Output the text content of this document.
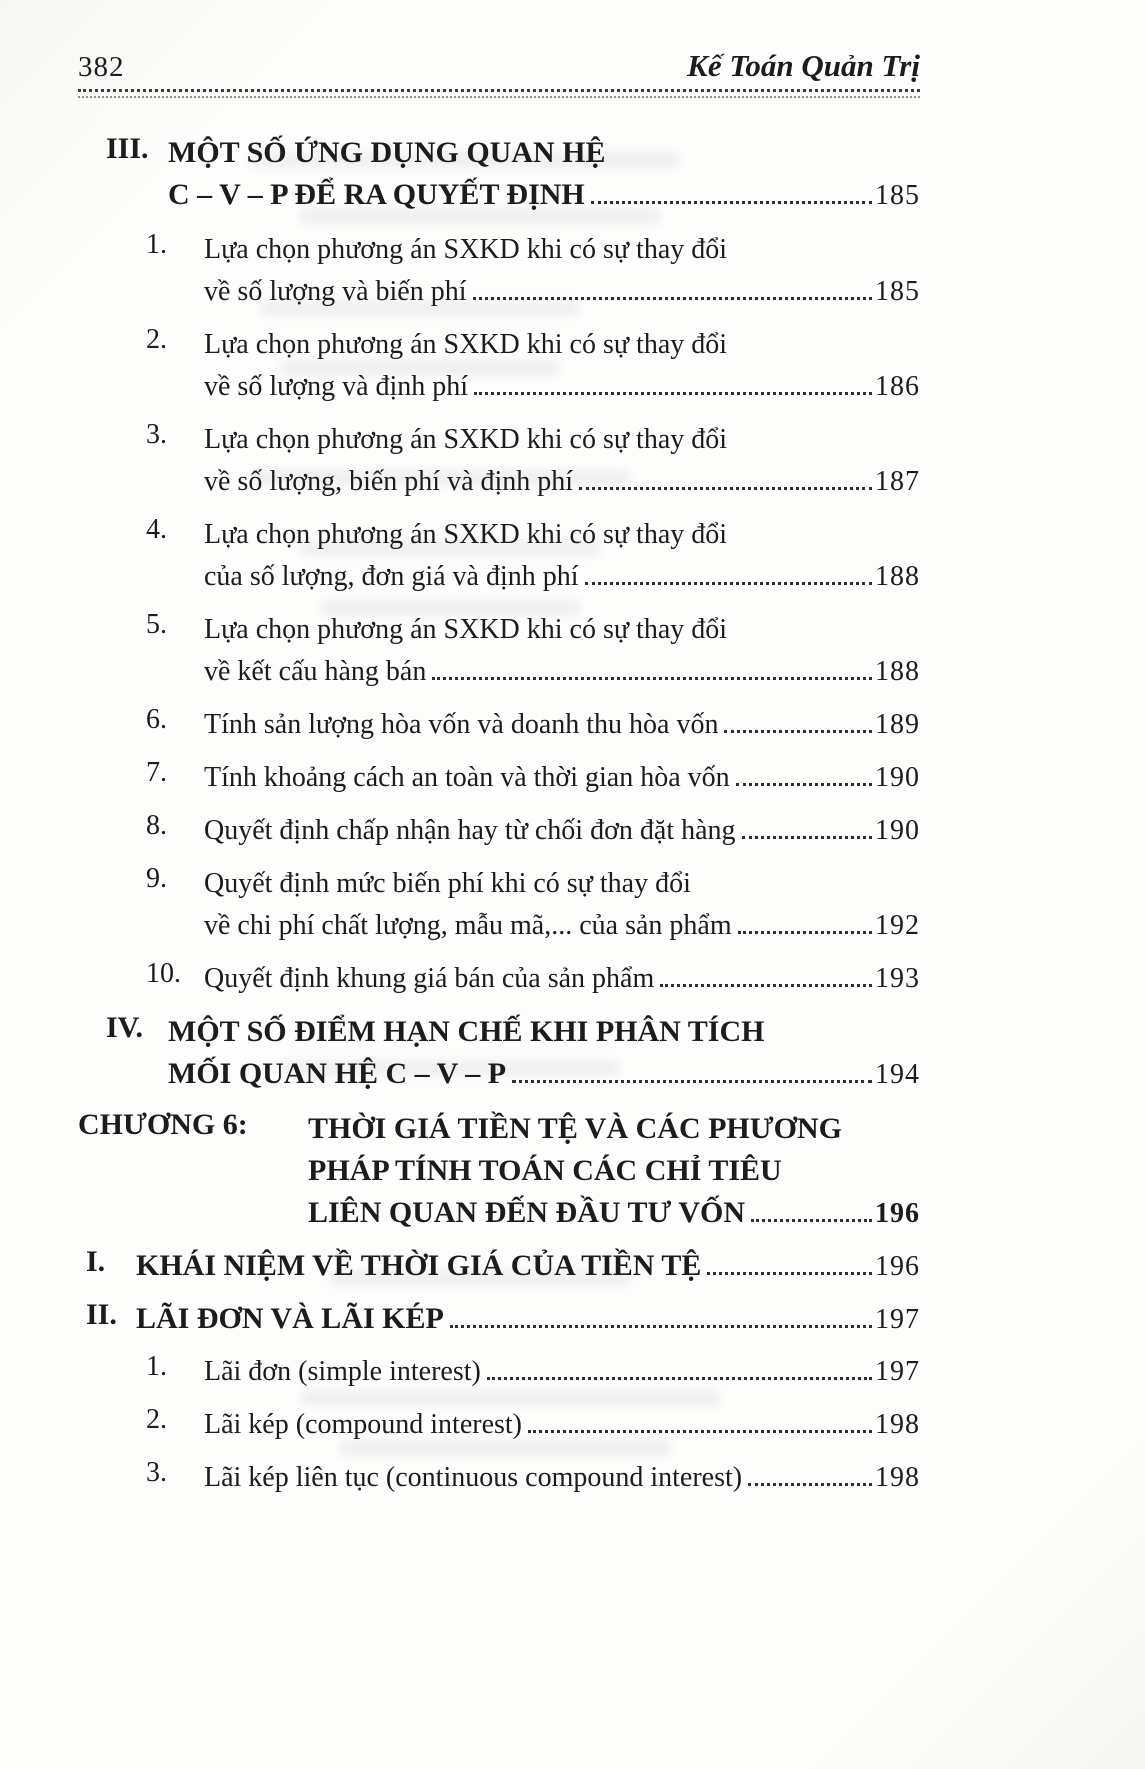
382	Kế Toán Quản Trị
III. MỘT SỐ ỨNG DỤNG QUAN HỆ
C – V – P ĐỂ RA QUYẾT ĐỊNH	185
1.	Lựa chọn phương án SXKD khi có sự thay đổi
về số lượng và biến phí	185
2.	Lựa chọn phương án SXKD khi có sự thay đổi
về số lượng và định phí	186
3.	Lựa chọn phương án SXKD khi có sự thay đổi
về số lượng, biến phí và định phí	187
4.	Lựa chọn phương án SXKD khi có sự thay đổi
của số lượng, đơn giá và định phí	188
5.	Lựa chọn phương án SXKD khi có sự thay đổi
về kết cấu hàng bán	188
6.	Tính sản lượng hòa vốn và doanh thu hòa vốn	189
7.	Tính khoảng cách an toàn và thời gian hòa vốn	190
8.	Quyết định chấp nhận hay từ chối đơn đặt hàng	190
9.	Quyết định mức biến phí khi có sự thay đổi
về chi phí chất lượng, mẫu mã,... của sản phẩm	192
10. Quyết định khung giá bán của sản phẩm	193
IV. MỘT SỐ ĐIỂM HẠN CHẾ KHI PHÂN TÍCH
MỐI QUAN HỆ C – V – P	194
CHƯƠNG 6:	THỜI GIÁ TIỀN TỆ VÀ CÁC PHƯƠNG
PHÁP TÍNH TOÁN CÁC CHỈ TIÊU
LIÊN QUAN ĐẾN ĐẦU TƯ VỐN	196
I.	KHÁI NIỆM VỀ THỜI GIÁ CỦA TIỀN TỆ	196
II. LÃI ĐƠN VÀ LÃI KÉP	197
1.	Lãi đơn (simple interest)	197
2.	Lãi kép (compound interest)	198
3.	Lãi kép liên tục (continuous compound interest)	198
